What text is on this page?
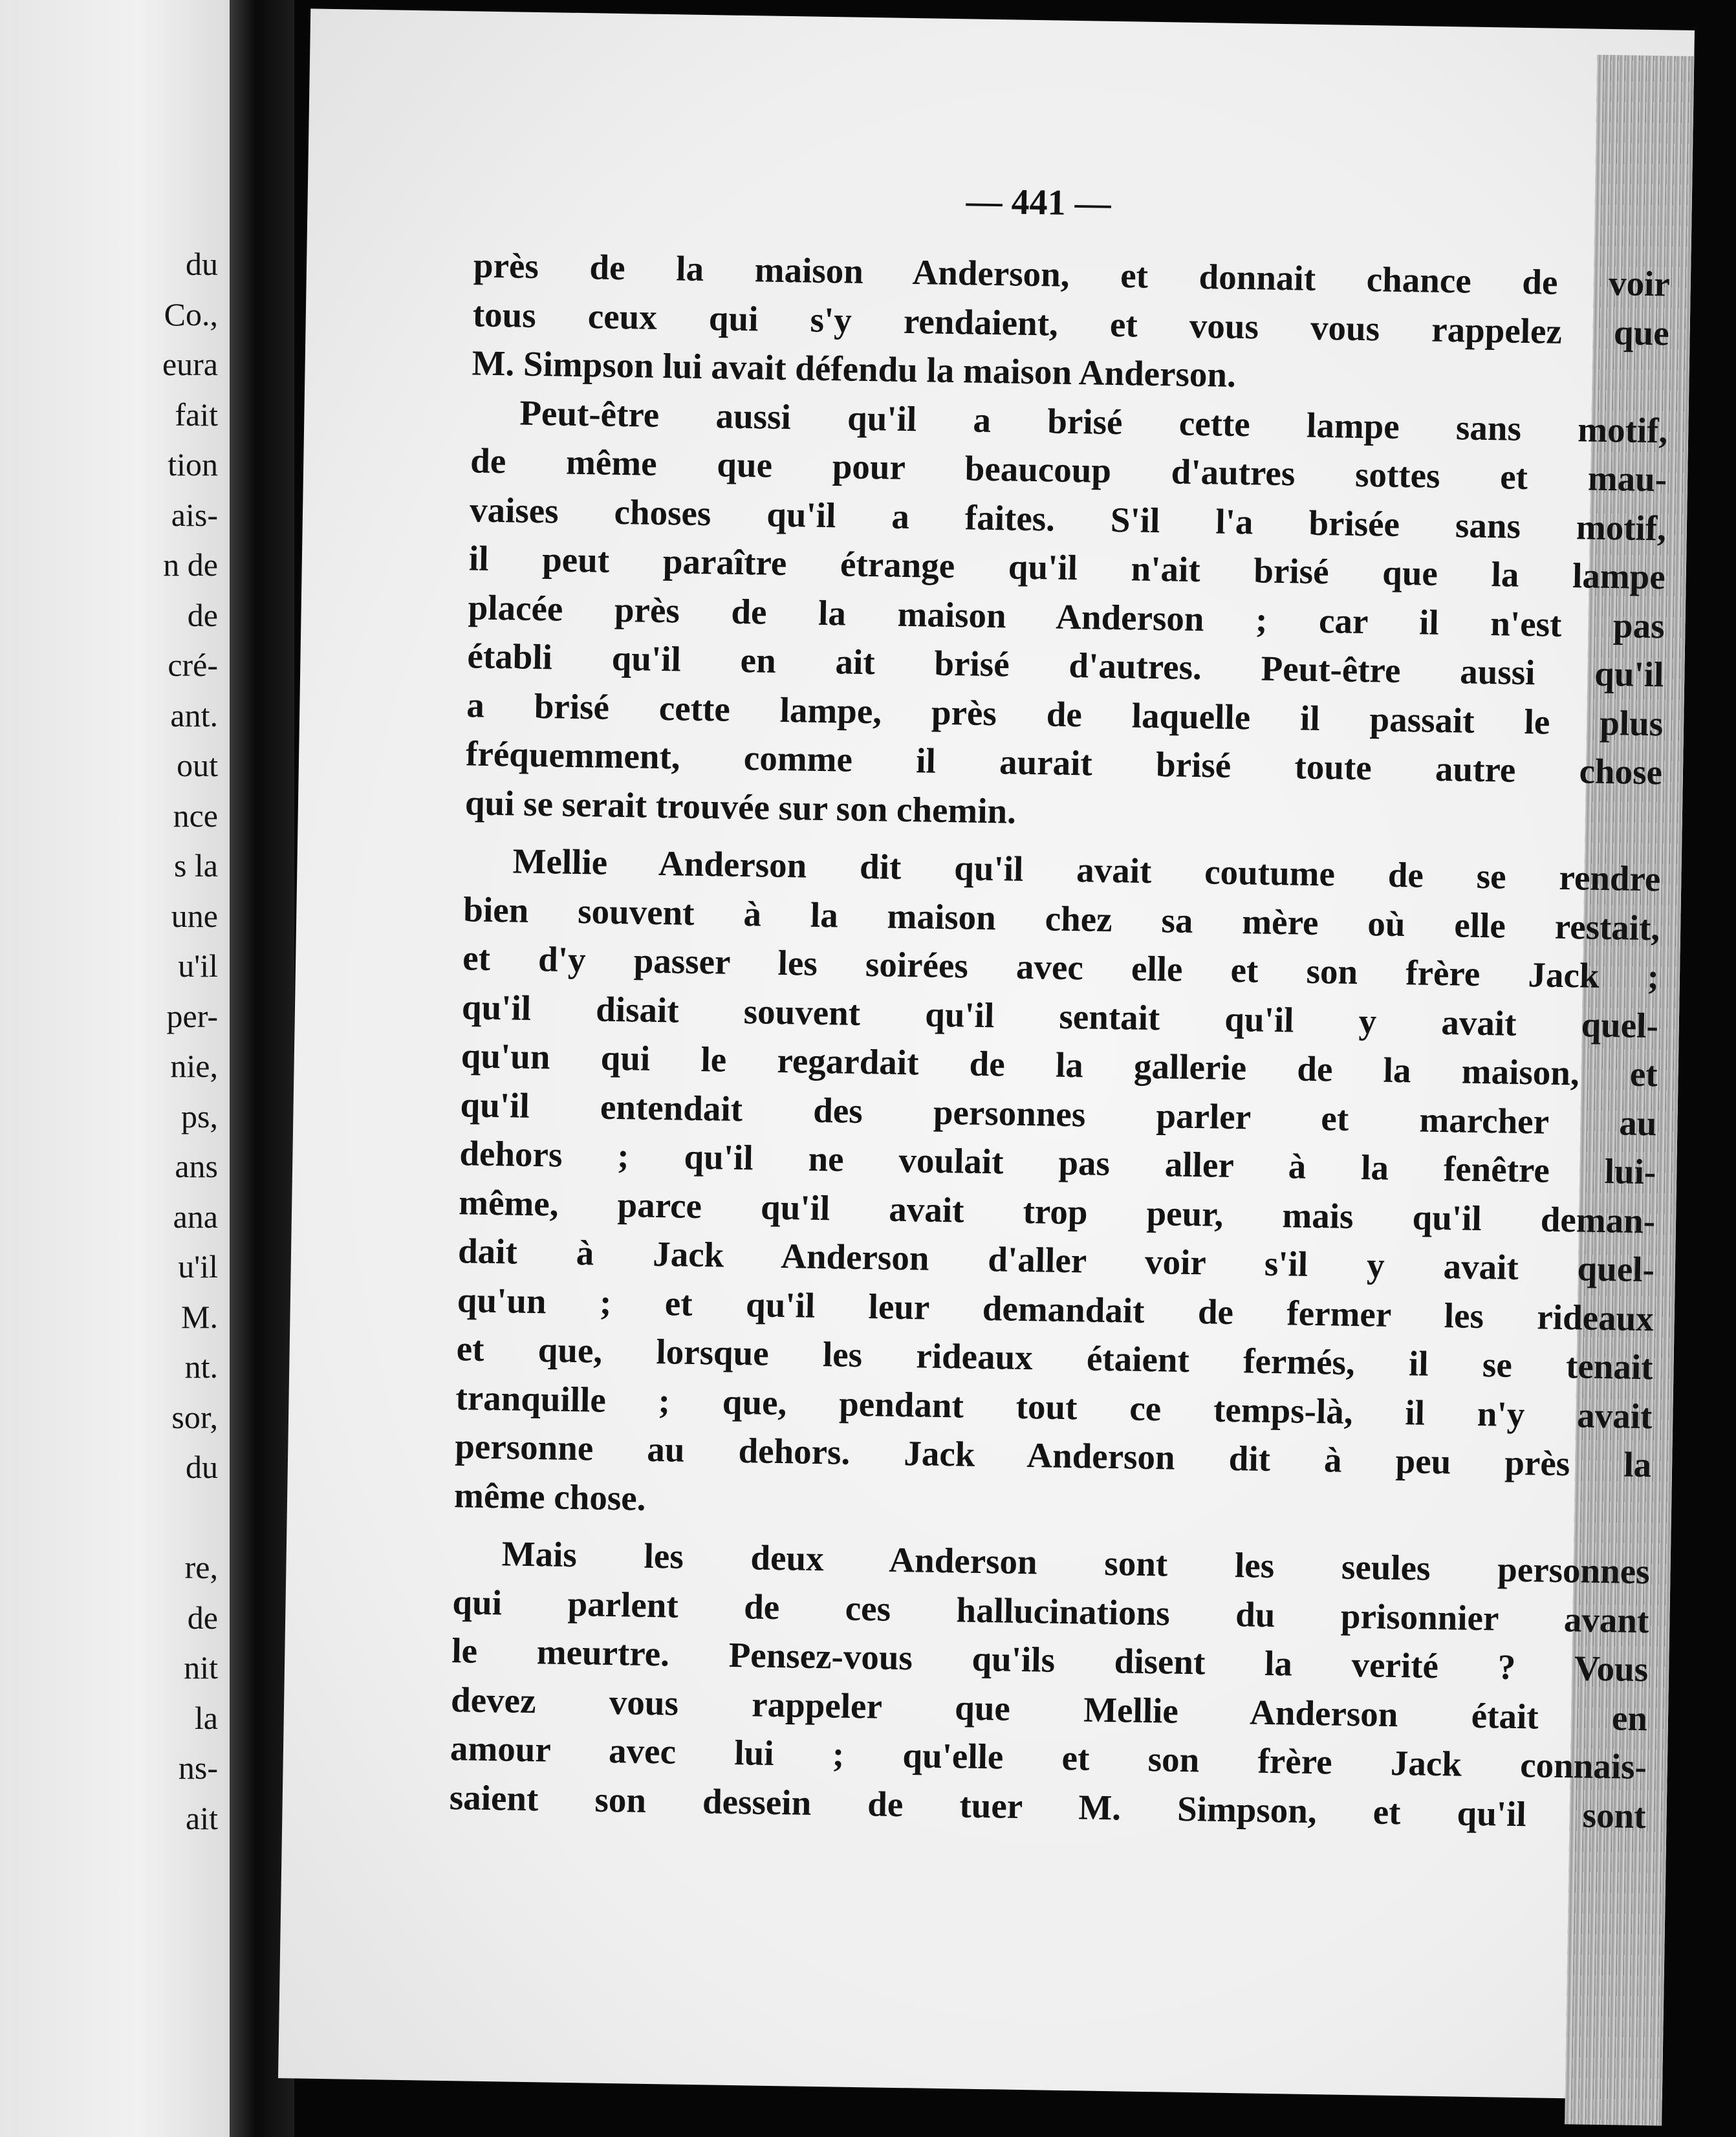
du
Co.,
eura
fait
tion
ais-
n de
de
cré-
ant.
out
nce
s la
une
u'il
per-
nie,
ps,
ans
ana
u'il
M.
nt.
sor,
du
re,
de
nit
la
ns-
ait
— 441 —
près de la maison Anderson, et donnait chance de voir
tous ceux qui s'y rendaient, et vous vous rappelez que
M. Simpson lui avait défendu la maison Anderson.
Peut-être aussi qu'il a brisé cette lampe sans motif,
de même que pour beaucoup d'autres sottes et mau-
vaises choses qu'il a faites. S'il l'a brisée sans motif,
il peut paraître étrange qu'il n'ait brisé que la lampe
placée près de la maison Anderson ; car il n'est pas
établi qu'il en ait brisé d'autres. Peut-être aussi qu'il
a brisé cette lampe, près de laquelle il passait le plus
fréquemment, comme il aurait brisé toute autre chose
qui se serait trouvée sur son chemin.
Mellie Anderson dit qu'il avait coutume de se rendre
bien souvent à la maison chez sa mère où elle restait,
et d'y passer les soirées avec elle et son frère Jack ;
qu'il disait souvent qu'il sentait qu'il y avait quel-
qu'un qui le regardait de la gallerie de la maison, et
qu'il entendait des personnes parler et marcher au
dehors ; qu'il ne voulait pas aller à la fenêtre lui-
même, parce qu'il avait trop peur, mais qu'il deman-
dait à Jack Anderson d'aller voir s'il y avait quel-
qu'un ; et qu'il leur demandait de fermer les rideaux
et que, lorsque les rideaux étaient fermés, il se tenait
tranquille ; que, pendant tout ce temps-là, il n'y avait
personne au dehors. Jack Anderson dit à peu près la
même chose.
Mais les deux Anderson sont les seules personnes
qui parlent de ces hallucinations du prisonnier avant
le meurtre. Pensez-vous qu'ils disent la verité ? Vous
devez vous rappeler que Mellie Anderson était en
amour avec lui ; qu'elle et son frère Jack connais-
saient son dessein de tuer M. Simpson, et qu'il sont
